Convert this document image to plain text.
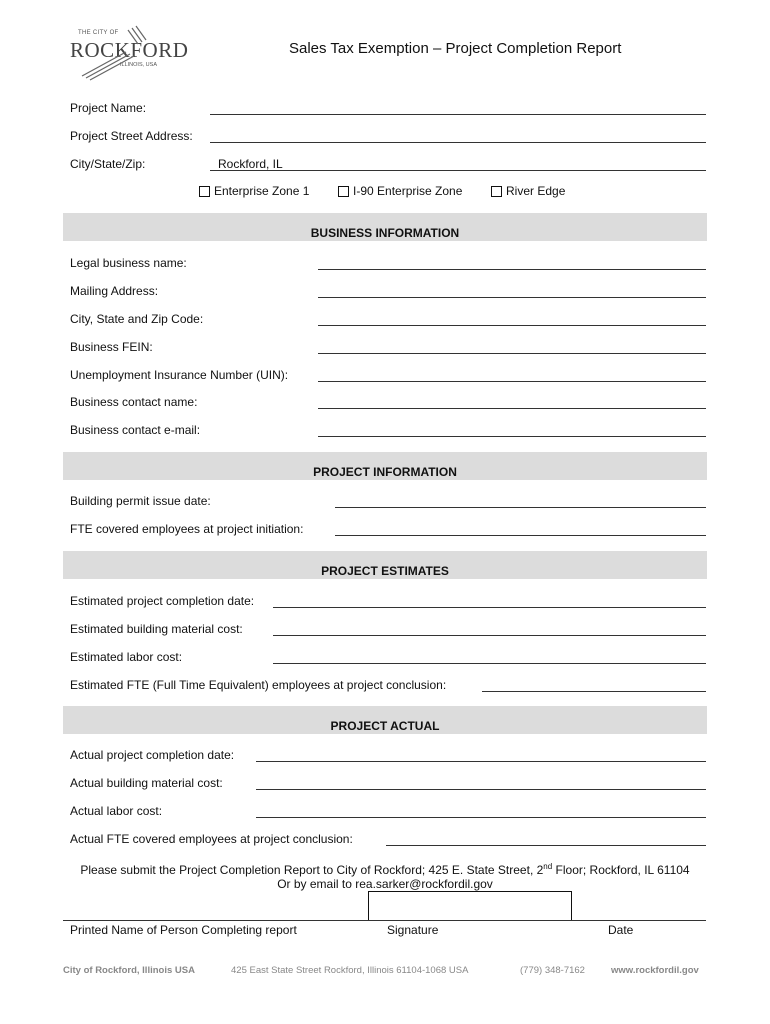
THE CITY OF
ROCKFORD
ILLINOIS, USA
Sales Tax Exemption – Project Completion Report
Project Name:
Project Street Address:
City/State/Zip:	Rockford, IL
Enterprise Zone 1	I-90 Enterprise Zone	River Edge
BUSINESS INFORMATION
Legal business name:
Mailing Address:
City, State and Zip Code:
Business FEIN:
Unemployment Insurance Number (UIN):
Business contact name:
Business contact e-mail:
PROJECT INFORMATION
Building permit issue date:
FTE covered employees at project initiation:
PROJECT ESTIMATES
Estimated project completion date:
Estimated building material cost:
Estimated labor cost:
Estimated FTE (Full Time Equivalent) employees at project conclusion:
PROJECT ACTUAL
Actual project completion date:
Actual building material cost:
Actual labor cost:
Actual FTE covered employees at project conclusion:
Please submit the Project Completion Report to City of Rockford; 425 E. State Street, 2nd Floor; Rockford, IL 61104
Or by email to rea.sarker@rockfordil.gov
Printed Name of Person Completing report	Signature	Date
City of Rockford, Illinois USA	425 East State Street Rockford, Illinois 61104-1068 USA	(779) 348-7162	www.rockfordil.gov
